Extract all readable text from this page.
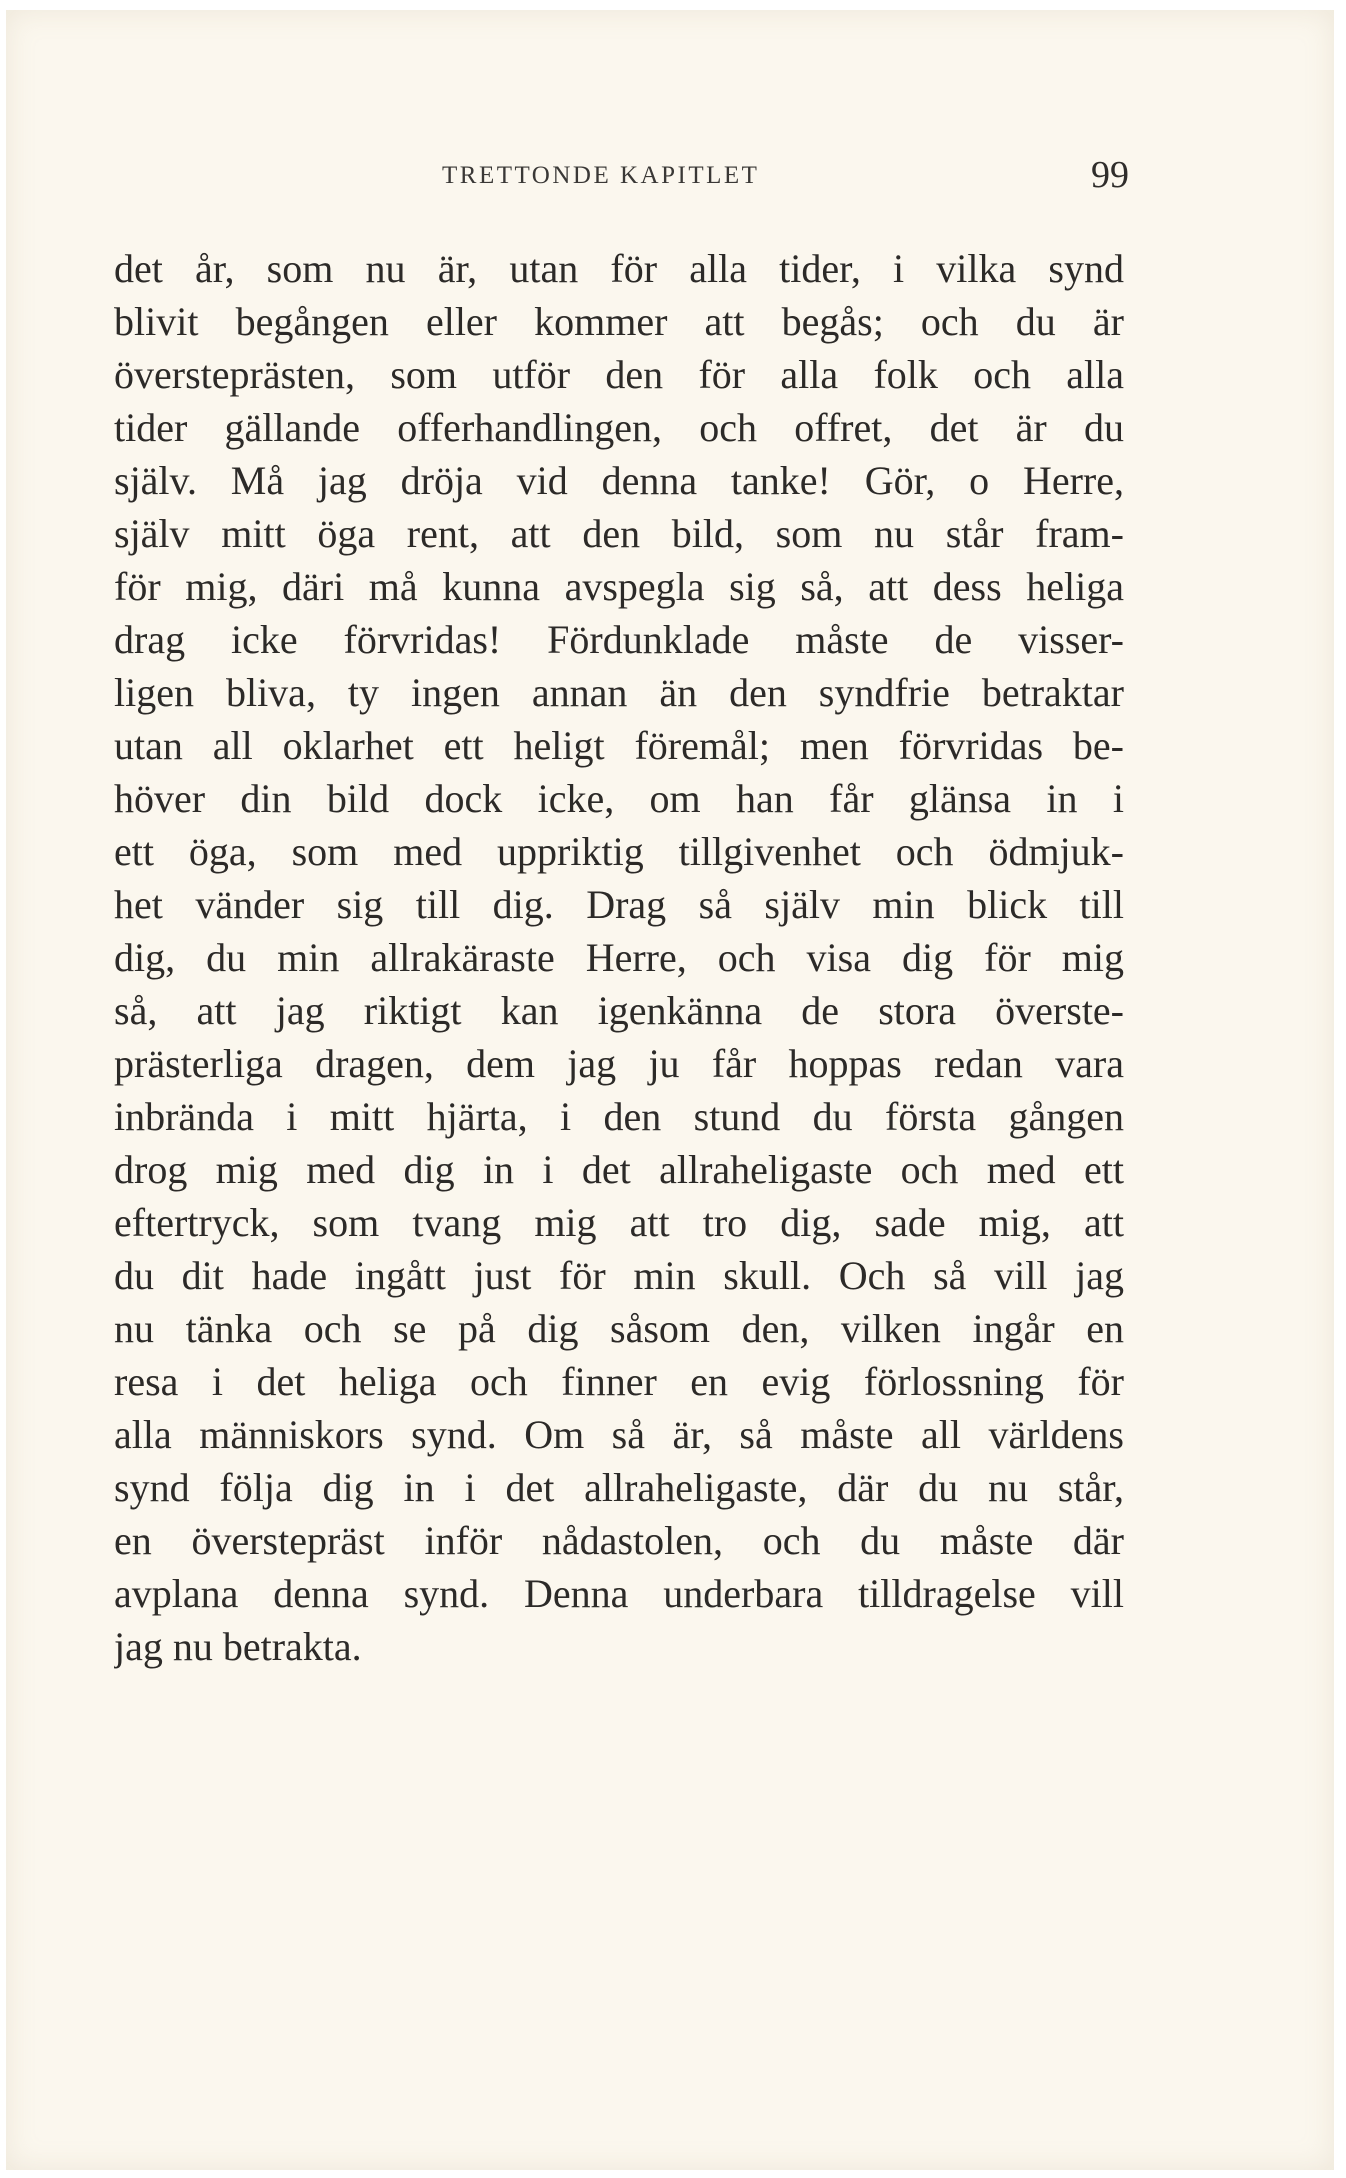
TRETTONDE KAPITLET	99
det år, som nu är, utan för alla tider, i vilka synd
blivit begången eller kommer att begås; och du är
översteprästen, som utför den för alla folk och alla
tider gällande offerhandlingen, och offret, det är du
själv. Må jag dröja vid denna tanke! Gör, o Herre,
själv mitt öga rent, att den bild, som nu står fram-
för mig, däri må kunna avspegla sig så, att dess heliga
drag icke förvridas! Fördunklade måste de visser-
ligen bliva, ty ingen annan än den syndfrie betraktar
utan all oklarhet ett heligt föremål; men förvridas be-
höver din bild dock icke, om han får glänsa in i
ett öga, som med uppriktig tillgivenhet och ödmjuk-
het vänder sig till dig. Drag så själv min blick till
dig, du min allrakäraste Herre, och visa dig för mig
så, att jag riktigt kan igenkänna de stora överste-
prästerliga dragen, dem jag ju får hoppas redan vara
inbrända i mitt hjärta, i den stund du första gången
drog mig med dig in i det allraheligaste och med ett
eftertryck, som tvang mig att tro dig, sade mig, att
du dit hade ingått just för min skull. Och så vill jag
nu tänka och se på dig såsom den, vilken ingår en
resa i det heliga och finner en evig förlossning för
alla människors synd. Om så är, så måste all världens
synd följa dig in i det allraheligaste, där du nu står,
en överstepräst inför nådastolen, och du måste där
avplana denna synd. Denna underbara tilldragelse vill
jag nu betrakta.
